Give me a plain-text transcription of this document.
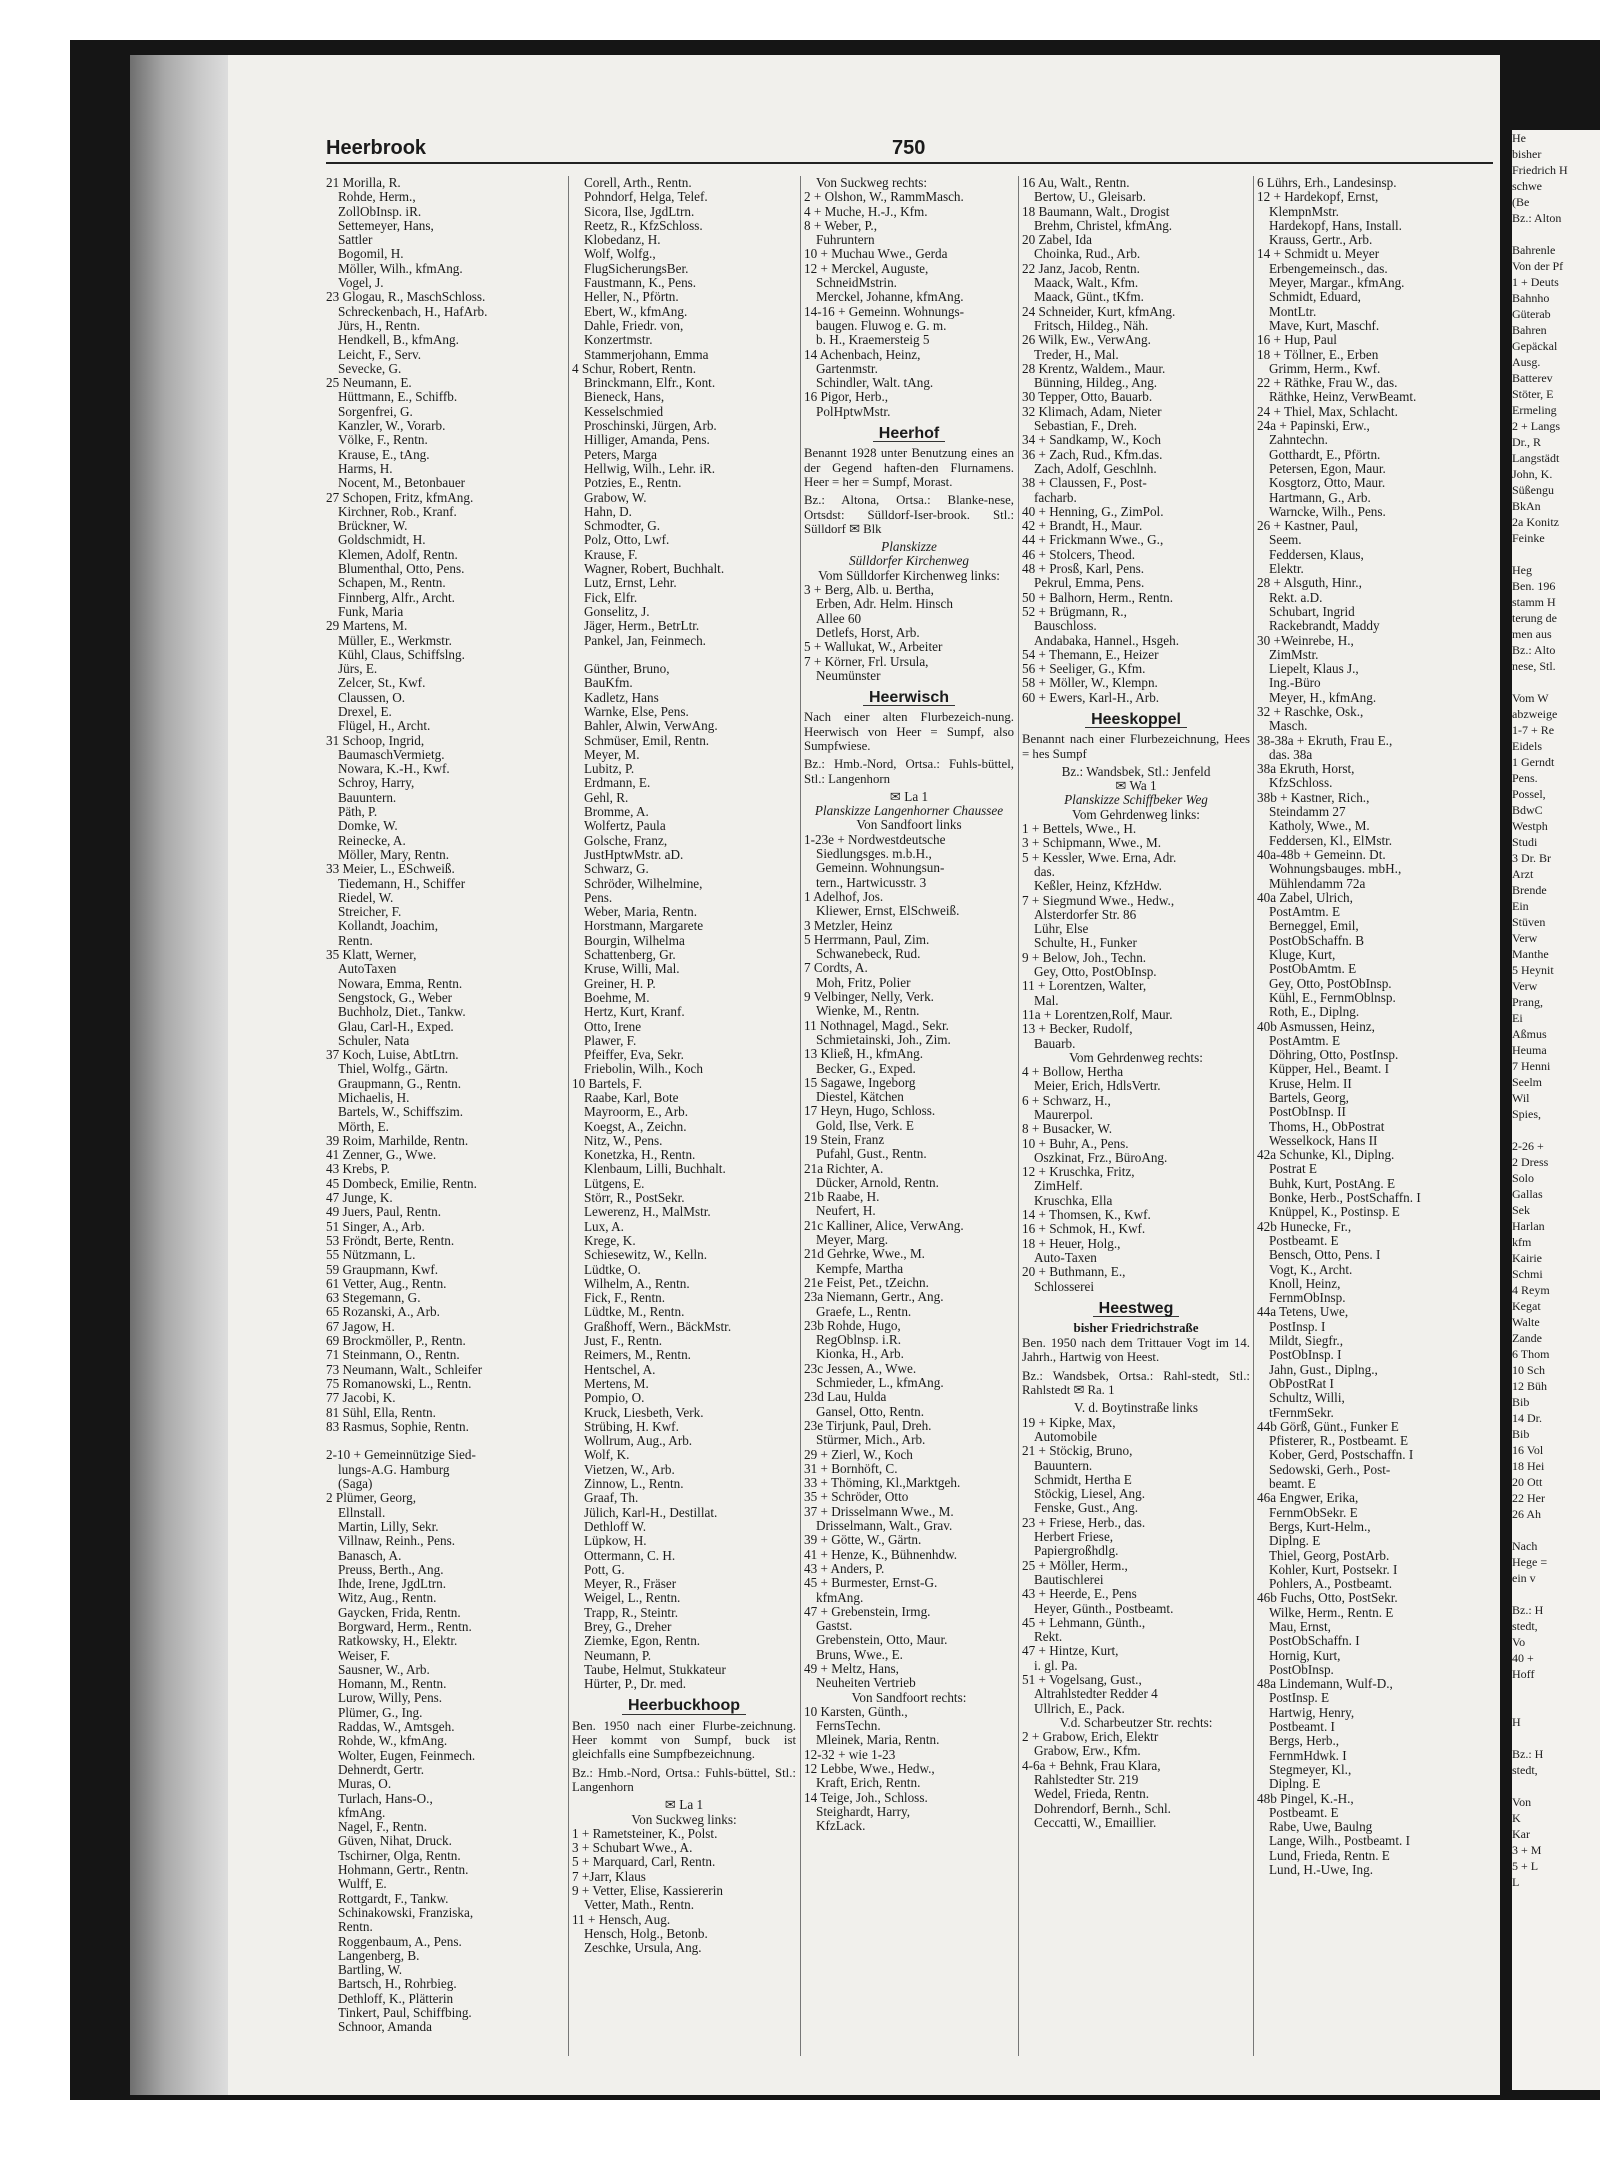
He
bisher
Friedrich H
schwe
(Be
Bz.: Alton

Bahrenle
Von der Pf
1 + Deuts
Bahnho
Güterab
Bahren
Gepäckal
Ausg.
Batterev
Stöter, E
Ermeling
2 + Langs
Dr., R
Langstädt
John, K.
Süßengu
BkAn
2a Konitz
Feinke

Heg
Ben. 196
stamm H
terung de
men aus
Bz.: Alto
nese, Stl.

Vom W
abzweige
1-7 + Re
Eidels
1 Gerndt
Pens.
Possel,
BdwC
Westph
Studi
3 Dr. Br
Arzt
Brende
Ein
Stüven
Verw
Manthe
5 Heynit
Verw
Prang,
Ei
Aßmus
Heuma
7 Henni
Seelm
Wil
Spies,

2-26 +
2 Dress
Solo
Gallas
Sek
Harlan
kfm
Kairie
Schmi
4 Reym
Kegat
Walte
Zande
6 Thom
10 Sch
12 Büh
Bib
14 Dr.
Bib
16 Vol
18 Hei
20 Ott
22 Her
26 Ah

Nach
Hege =
ein v

Bz.: H
stedt,
Vo
40 +
Hoff

H

Bz.: H
stedt,

Von
K
Kar
3 + M
5 + L
L
Heerbrook	750
21 Morilla, R.
Rohde, Herm.,
ZollObInsp. iR.
Settemeyer, Hans,
Sattler
Bogomil, H.
Möller, Wilh., kfmAng.
Vogel, J.
23 Glogau, R., MaschSchloss.
Schreckenbach, H., HafArb.
Jürs, H., Rentn.
Hendkell, B., kfmAng.
Leicht, F., Serv.
Sevecke, G.
25 Neumann, E.
Hüttmann, E., Schiffb.
Sorgenfrei, G.
Kanzler, W., Vorarb.
Völke, F., Rentn.
Krause, E., tAng.
Harms, H.
Nocent, M., Betonbauer
27 Schopen, Fritz, kfmAng.
Kirchner, Rob., Kranf.
Brückner, W.
Goldschmidt, H.
Klemen, Adolf, Rentn.
Blumenthal, Otto, Pens.
Schapen, M., Rentn.
Finnberg, Alfr., Archt.
Funk, Maria
29 Martens, M.
Müller, E., Werkmstr.
Kühl, Claus, Schiffslng.
Jürs, E.
Zelcer, St., Kwf.
Claussen, O.
Drexel, E.
Flügel, H., Archt.
31 Schoop, Ingrid,
BaumaschVermietg.
Nowara, K.-H., Kwf.
Schroy, Harry,
Bauuntern.
Päth, P.
Domke, W.
Reinecke, A.
Möller, Mary, Rentn.
33 Meier, L., ESchweiß.
Tiedemann, H., Schiffer
Riedel, W.
Streicher, F.
Kollandt, Joachim,
Rentn.
35 Klatt, Werner,
AutoTaxen
Nowara, Emma, Rentn.
Sengstock, G., Weber
Buchholz, Diet., Tankw.
Glau, Carl-H., Exped.
Schuler, Nata
37 Koch, Luise, AbtLtrn.
Thiel, Wolfg., Gärtn.
Graupmann, G., Rentn.
Michaelis, H.
Bartels, W., Schiffszim.
Mörth, E.
39 Roim, Marhilde, Rentn.
41 Zenner, G., Wwe.
43 Krebs, P.
45 Dombeck, Emilie, Rentn.
47 Junge, K.
49 Juers, Paul, Rentn.
51 Singer, A., Arb.
53 Fröndt, Berte, Rentn.
55 Nützmann, L.
59 Graupmann, Kwf.
61 Vetter, Aug., Rentn.
63 Stegemann, G.
65 Rozanski, A., Arb.
67 Jagow, H.
69 Brockmöller, P., Rentn.
71 Steinmann, O., Rentn.
73 Neumann, Walt., Schleifer
75 Romanowski, L., Rentn.
77 Jacobi, K.
81 Sühl, Ella, Rentn.
83 Rasmus, Sophie, Rentn.

2-10 + Gemeinnützige Sied-
lungs-A.G. Hamburg
(Saga)
2 Plümer, Georg,
Ellnstall.
Martin, Lilly, Sekr.
Villnaw, Reinh., Pens.
Banasch, A.
Preuss, Berth., Ang.
Ihde, Irene, JgdLtrn.
Witz, Aug., Rentn.
Gaycken, Frida, Rentn.
Borgward, Herm., Rentn.
Ratkowsky, H., Elektr.
Weiser, F.
Sausner, W., Arb.
Homann, M., Rentn.
Lurow, Willy, Pens.
Plümer, G., Ing.
Raddas, W., Amtsgeh.
Rohde, W., kfmAng.
Wolter, Eugen, Feinmech.
Dehnerdt, Gertr.
Muras, O.
Turlach, Hans-O.,
kfmAng.
Nagel, F., Rentn.
Güven, Nihat, Druck.
Tschirner, Olga, Rentn.
Hohmann, Gertr., Rentn.
Wulff, E.
Rottgardt, F., Tankw.
Schinakowski, Franziska,
Rentn.
Roggenbaum, A., Pens.
Langenberg, B.
Bartling, W.
Bartsch, H., Rohrbieg.
Dethloff, K., Plätterin
Tinkert, Paul, Schiffbing.
Schnoor, Amanda
Corell, Arth., Rentn.
Pohndorf, Helga, Telef.
Sicora, Ilse, JgdLtrn.
Reetz, R., KfzSchloss.
Klobedanz, H.
Wolf, Wolfg.,
FlugSicherungsBer.
Faustmann, K., Pens.
Heller, N., Pförtn.
Ebert, W., kfmAng.
Dahle, Friedr. von,
Konzertmstr.
Stammerjohann, Emma
4 Schur, Robert, Rentn.
Brinckmann, Elfr., Kont.
Bieneck, Hans,
Kesselschmied
Proschinski, Jürgen, Arb.
Hilliger, Amanda, Pens.
Peters, Marga
Hellwig, Wilh., Lehr. iR.
Potzies, E., Rentn.
Grabow, W.
Hahn, D.
Schmodter, G.
Polz, Otto, Lwf.
Krause, F.
Wagner, Robert, Buchhalt.
Lutz, Ernst, Lehr.
Fick, Elfr.
Gonselitz, J.
Jäger, Herm., BetrLtr.
Pankel, Jan, Feinmech.

Günther, Bruno,
BauKfm.
Kadletz, Hans
Warnke, Else, Pens.
Bahler, Alwin, VerwAng.
Schmüser, Emil, Rentn.
Meyer, M.
Lubitz, P.
Erdmann, E.
Gehl, R.
Bromme, A.
Wolfertz, Paula
Golsche, Franz,
JustHptwMstr. aD.
Schwarz, G.
Schröder, Wilhelmine,
Pens.
Weber, Maria, Rentn.
Horstmann, Margarete
Bourgin, Wilhelma
Schattenberg, Gr.
Kruse, Willi, Mal.
Greiner, H. P.
Boehme, M.
Hertz, Kurt, Kranf.
Otto, Irene
Plawer, F.
Pfeiffer, Eva, Sekr.
Friebolin, Wilh., Koch
10 Bartels, F.
Raabe, Karl, Bote
Mayroorm, E., Arb.
Koegst, A., Zeichn.
Nitz, W., Pens.
Konetzka, H., Rentn.
Klenbaum, Lilli, Buchhalt.
Lütgens, E.
Störr, R., PostSekr.
Lewerenz, H., MalMstr.
Lux, A.
Krege, K.
Schiesewitz, W., Kelln.
Lüdtke, O.
Wilhelm, A., Rentn.
Fick, F., Rentn.
Lüdtke, M., Rentn.
Graßhoff, Wern., BäckMstr.
Just, F., Rentn.
Reimers, M., Rentn.
Hentschel, A.
Mertens, M.
Pompio, O.
Kruck, Liesbeth, Verk.
Strübing, H. Kwf.
Wollrum, Aug., Arb.
Wolf, K.
Vietzen, W., Arb.
Zinnow, L., Rentn.
Graaf, Th.
Jülich, Karl-H., Destillat.
Dethloff W.
Lüpkow, H.
Ottermann, C. H.
Pott, G.
Meyer, R., Fräser
Weigel, L., Rentn.
Trapp, R., Steintr.
Brey, G., Dreher
Ziemke, Egon, Rentn.
Neumann, P.
Taube, Helmut, Stukkateur
Hürter, P., Dr. med.
Heerbuckhoop
Ben. 1950 nach einer Flurbe-zeichnung. Heer kommt von Sumpf, buck ist gleichfalls eine Sumpfbezeichnung.
Bz.: Hmb.-Nord, Ortsa.: Fuhls-büttel, Stl.: Langenhorn
✉ La 1
Von Suckweg links:
1 + Rametsteiner, K., Polst.
3 + Schubart Wwe., A.
5 + Marquard, Carl, Rentn.
7 +Jarr, Klaus
9 + Vetter, Elise, Kassiererin
Vetter, Math., Rentn.
11 + Hensch, Aug.
Hensch, Holg., Betonb.
Zeschke, Ursula, Ang.
Von Suckweg rechts:
2 + Olshon, W., RammMasch.
4 + Muche, H.-J., Kfm.
8 + Weber, P.,
Fuhruntern
10 + Muchau Wwe., Gerda
12 + Merckel, Auguste,
SchneidMstrin.
Merckel, Johanne, kfmAng.
14-16 + Gemeinn. Wohnungs-
baugen. Fluwog e. G. m.
b. H., Kraemersteig 5
14 Achenbach, Heinz,
Gartenmstr.
Schindler, Walt. tAng.
16 Pigor, Herb.,
PolHptwMstr.
Heerhof
Benannt 1928 unter Benutzung eines an der Gegend haften-den Flurnamens. Heer = her = Sumpf, Morast.
Bz.: Altona, Ortsa.: Blanke-nese, Ortsdst: Sülldorf-Iser-brook. Stl.: Sülldorf ✉ Blk
Planskizze
Sülldorfer Kirchenweg
Vom Sülldorfer Kirchenweg links:
3 + Berg, Alb. u. Bertha,
Erben, Adr. Helm. Hinsch
Allee 60
Detlefs, Horst, Arb.
5 + Wallukat, W., Arbeiter
7 + Körner, Frl. Ursula,
Neumünster
Heerwisch
Nach einer alten Flurbezeich-nung. Heerwisch von Heer = Sumpf, also Sumpfwiese.
Bz.: Hmb.-Nord, Ortsa.: Fuhls-büttel, Stl.: Langenhorn
✉ La 1
Planskizze Langenhorner Chaussee
Von Sandfoort links
1-23e + Nordwestdeutsche
Siedlungsges. m.b.H.,
Gemeinn. Wohnungsun-
tern., Hartwicusstr. 3
1 Adelhof, Jos.
Kliewer, Ernst, ElSchweiß.
3 Metzler, Heinz
5 Herrmann, Paul, Zim.
Schwanebeck, Rud.
7 Cordts, A.
Moh, Fritz, Polier
9 Velbinger, Nelly, Verk.
Wienke, M., Rentn.
11 Nothnagel, Magd., Sekr.
Schmietainski, Joh., Zim.
13 Kließ, H., kfmAng.
Becker, G., Exped.
15 Sagawe, Ingeborg
Diestel, Kätchen
17 Heyn, Hugo, Schloss.
Gold, Ilse, Verk. E
19 Stein, Franz
Pufahl, Gust., Rentn.
21a Richter, A.
Dücker, Arnold, Rentn.
21b Raabe, H.
Neufert, H.
21c Kalliner, Alice, VerwAng.
Meyer, Marg.
21d Gehrke, Wwe., M.
Kempfe, Martha
21e Feist, Pet., tZeichn.
23a Niemann, Gertr., Ang.
Graefe, L., Rentn.
23b Rohde, Hugo,
RegOblnsp. i.R.
Kionka, H., Arb.
23c Jessen, A., Wwe.
Schmieder, L., kfmAng.
23d Lau, Hulda
Gansel, Otto, Rentn.
23e Tirjunk, Paul, Dreh.
Stürmer, Mich., Arb.
29 + Zierl, W., Koch
31 + Bornhöft, C.
33 + Thöming, Kl.,Marktgeh.
35 + Schröder, Otto
37 + Drisselmann Wwe., M.
Drisselmann, Walt., Grav.
39 + Götte, W., Gärtn.
41 + Henze, K., Bühnenhdw.
43 + Anders, P.
45 + Burmester, Ernst-G.
kfmAng.
47 + Grebenstein, Irmg.
Gastst.
Grebenstein, Otto, Maur.
Bruns, Wwe., E.
49 + Meltz, Hans,
Neuheiten Vertrieb
Von Sandfoort rechts:
10 Karsten, Günth.,
FernsTechn.
Mleinek, Maria, Rentn.
12-32 + wie 1-23
12 Lebbe, Wwe., Hedw.,
Kraft, Erich, Rentn.
14 Teige, Joh., Schloss.
Steighardt, Harry,
KfzLack.
16 Au, Walt., Rentn.
Bertow, U., Gleisarb.
18 Baumann, Walt., Drogist
Brehm, Christel, kfmAng.
20 Zabel, Ida
Choinka, Rud., Arb.
22 Janz, Jacob, Rentn.
Maack, Walt., Kfm.
Maack, Günt., tKfm.
24 Schneider, Kurt, kfmAng.
Fritsch, Hildeg., Näh.
26 Wilk, Ew., VerwAng.
Treder, H., Mal.
28 Krentz, Waldem., Maur.
Bünning, Hildeg., Ang.
30 Tepper, Otto, Bauarb.
32 Klimach, Adam, Nieter
Sebastian, F., Dreh.
34 + Sandkamp, W., Koch
36 + Zach, Rud., Kfm.das.
Zach, Adolf, Geschlnh.
38 + Claussen, F., Post-
facharb.
40 + Henning, G., ZimPol.
42 + Brandt, H., Maur.
44 + Frickmann Wwe., G.,
46 + Stolcers, Theod.
48 + Prosß, Karl, Pens.
Pekrul, Emma, Pens.
50 + Balhorn, Herm., Rentn.
52 + Brügmann, R.,
Bauschloss.
Andabaka, Hannel., Hsgeh.
54 + Themann, E., Heizer
56 + Seeliger, G., Kfm.
58 + Möller, W., Klempn.
60 + Ewers, Karl-H., Arb.
Heeskoppel
Benannt nach einer Flurbezeichnung, Hees = hes Sumpf
Bz.: Wandsbek, Stl.: Jenfeld
✉ Wa 1
Planskizze Schiffbeker Weg
Vom Gehrdenweg links:
1 + Bettels, Wwe., H.
3 + Schipmann, Wwe., M.
5 + Kessler, Wwe. Erna, Adr.
das.
Keßler, Heinz, KfzHdw.
7 + Siegmund Wwe., Hedw.,
Alsterdorfer Str. 86
Lühr, Else
Schulte, H., Funker
9 + Below, Joh., Techn.
Gey, Otto, PostObInsp.
11 + Lorentzen, Walter,
Mal.
11a + Lorentzen,Rolf, Maur.
13 + Becker, Rudolf,
Bauarb.
Vom Gehrdenweg rechts:
4 + Bollow, Hertha
Meier, Erich, HdlsVertr.
6 + Schwarz, H.,
Maurerpol.
8 + Busacker, W.
10 + Buhr, A., Pens.
Oszkinat, Frz., BüroAng.
12 + Kruschka, Fritz,
ZimHelf.
Kruschka, Ella
14 + Thomsen, K., Kwf.
16 + Schmok, H., Kwf.
18 + Heuer, Holg.,
Auto-Taxen
20 + Buthmann, E.,
Schlosserei
Heestweg
bisher Friedrichstraße
Ben. 1950 nach dem Trittauer Vogt im 14. Jahrh., Hartwig von Heest.
Bz.: Wandsbek, Ortsa.: Rahl-stedt, Stl.: Rahlstedt ✉ Ra. 1
V. d. Boytinstraße links
19 + Kipke, Max,
Automobile
21 + Stöckig, Bruno,
Bauuntern.
Schmidt, Hertha E
Stöckig, Liesel, Ang.
Fenske, Gust., Ang.
23 + Friese, Herb., das.
Herbert Friese,
Papiergroßhdlg.
25 + Möller, Herm.,
Bautischlerei
43 + Heerde, E., Pens
Heyer, Günth., Postbeamt.
45 + Lehmann, Günth.,
Rekt.
47 + Hintze, Kurt,
i. gl. Pa.
51 + Vogelsang, Gust.,
Altrahlstedter Redder 4
Ullrich, E., Pack.
V.d. Scharbeutzer Str. rechts:
2 + Grabow, Erich, Elektr
Grabow, Erw., Kfm.
4-6a + Behnk, Frau Klara,
Rahlstedter Str. 219
Wedel, Frieda, Rentn.
Dohrendorf, Bernh., Schl.
Ceccatti, W., Emaillier.
6 Lührs, Erh., Landesinsp.
12 + Hardekopf, Ernst,
KlempnMstr.
Hardekopf, Hans, Install.
Krauss, Gertr., Arb.
14 + Schmidt u. Meyer
Erbengemeinsch., das.
Meyer, Margar., kfmAng.
Schmidt, Eduard,
MontLtr.
Mave, Kurt, Maschf.
16 + Hup, Paul
18 + Töllner, E., Erben
Grimm, Herm., Kwf.
22 + Räthke, Frau W., das.
Räthke, Heinz, VerwBeamt.
24 + Thiel, Max, Schlacht.
24a + Papinski, Erw.,
Zahntechn.
Gotthardt, E., Pförtn.
Petersen, Egon, Maur.
Kosgtorz, Otto, Maur.
Hartmann, G., Arb.
Warncke, Wilh., Pens.
26 + Kastner, Paul,
Seem.
Feddersen, Klaus,
Elektr.
28 + Alsguth, Hinr.,
Rekt. a.D.
Schubart, Ingrid
Rackebrandt, Maddy
30 +Weinrebe, H.,
ZimMstr.
Liepelt, Klaus J.,
Ing.-Büro
Meyer, H., kfmAng.
32 + Raschke, Osk.,
Masch.
38-38a + Ekruth, Frau E.,
das. 38a
38a Ekruth, Horst,
KfzSchloss.
38b + Kastner, Rich.,
Steindamm 27
Katholy, Wwe., M.
Feddersen, Kl., ElMstr.
40a-48b + Gemeinn. Dt.
Wohnungsbauges. mbH.,
Mühlendamm 72a
40a Zabel, Ulrich,
PostAmtm. E
Berneggel, Emil,
PostObSchaffn. B
Kluge, Kurt,
PostObAmtm. E
Gey, Otto, PostObInsp.
Kühl, E., FernmOblnsp.
Roth, E., Diplng.
40b Asmussen, Heinz,
PostAmtm. E
Döhring, Otto, PostInsp.
Küpper, Hel., Beamt. I
Kruse, Helm. II
Bartels, Georg,
PostObInsp. II
Thoms, H., ObPostrat
Wesselkock, Hans II
42a Schunke, Kl., Diplng.
Postrat E
Buhk, Kurt, PostAng. E
Bonke, Herb., PostSchaffn. I
Knüppel, K., Postinsp. E
42b Hunecke, Fr.,
Postbeamt. E
Bensch, Otto, Pens. I
Vogt, K., Archt.
Knoll, Heinz,
FernmObInsp.
44a Tetens, Uwe,
PostInsp. I
Mildt, Siegfr.,
PostObInsp. I
Jahn, Gust., Diplng.,
ObPostRat I
Schultz, Willi,
tFernmSekr.
44b Görß, Günt., Funker E
Pfisterer, R., Postbeamt. E
Kober, Gerd, Postschaffn. I
Sedowski, Gerh., Post-
beamt. E
46a Engwer, Erika,
FernmObSekr. E
Bergs, Kurt-Helm.,
Diplng. E
Thiel, Georg, PostArb.
Kohler, Kurt, Postsekr. I
Pohlers, A., Postbeamt.
46b Fuchs, Otto, PostSekr.
Wilke, Herm., Rentn. E
Mau, Ernst,
PostObSchaffn. I
Hornig, Kurt,
PostObInsp.
48a Lindemann, Wulf-D.,
PostInsp. E
Hartwig, Henry,
Postbeamt. I
Bergs, Herb.,
FernmHdwk. I
Stegmeyer, Kl.,
Diplng. E
48b Pingel, K.-H.,
Postbeamt. E
Rabe, Uwe, Baulng
Lange, Wilh., Postbeamt. I
Lund, Frieda, Rentn. E
Lund, H.-Uwe, Ing.
